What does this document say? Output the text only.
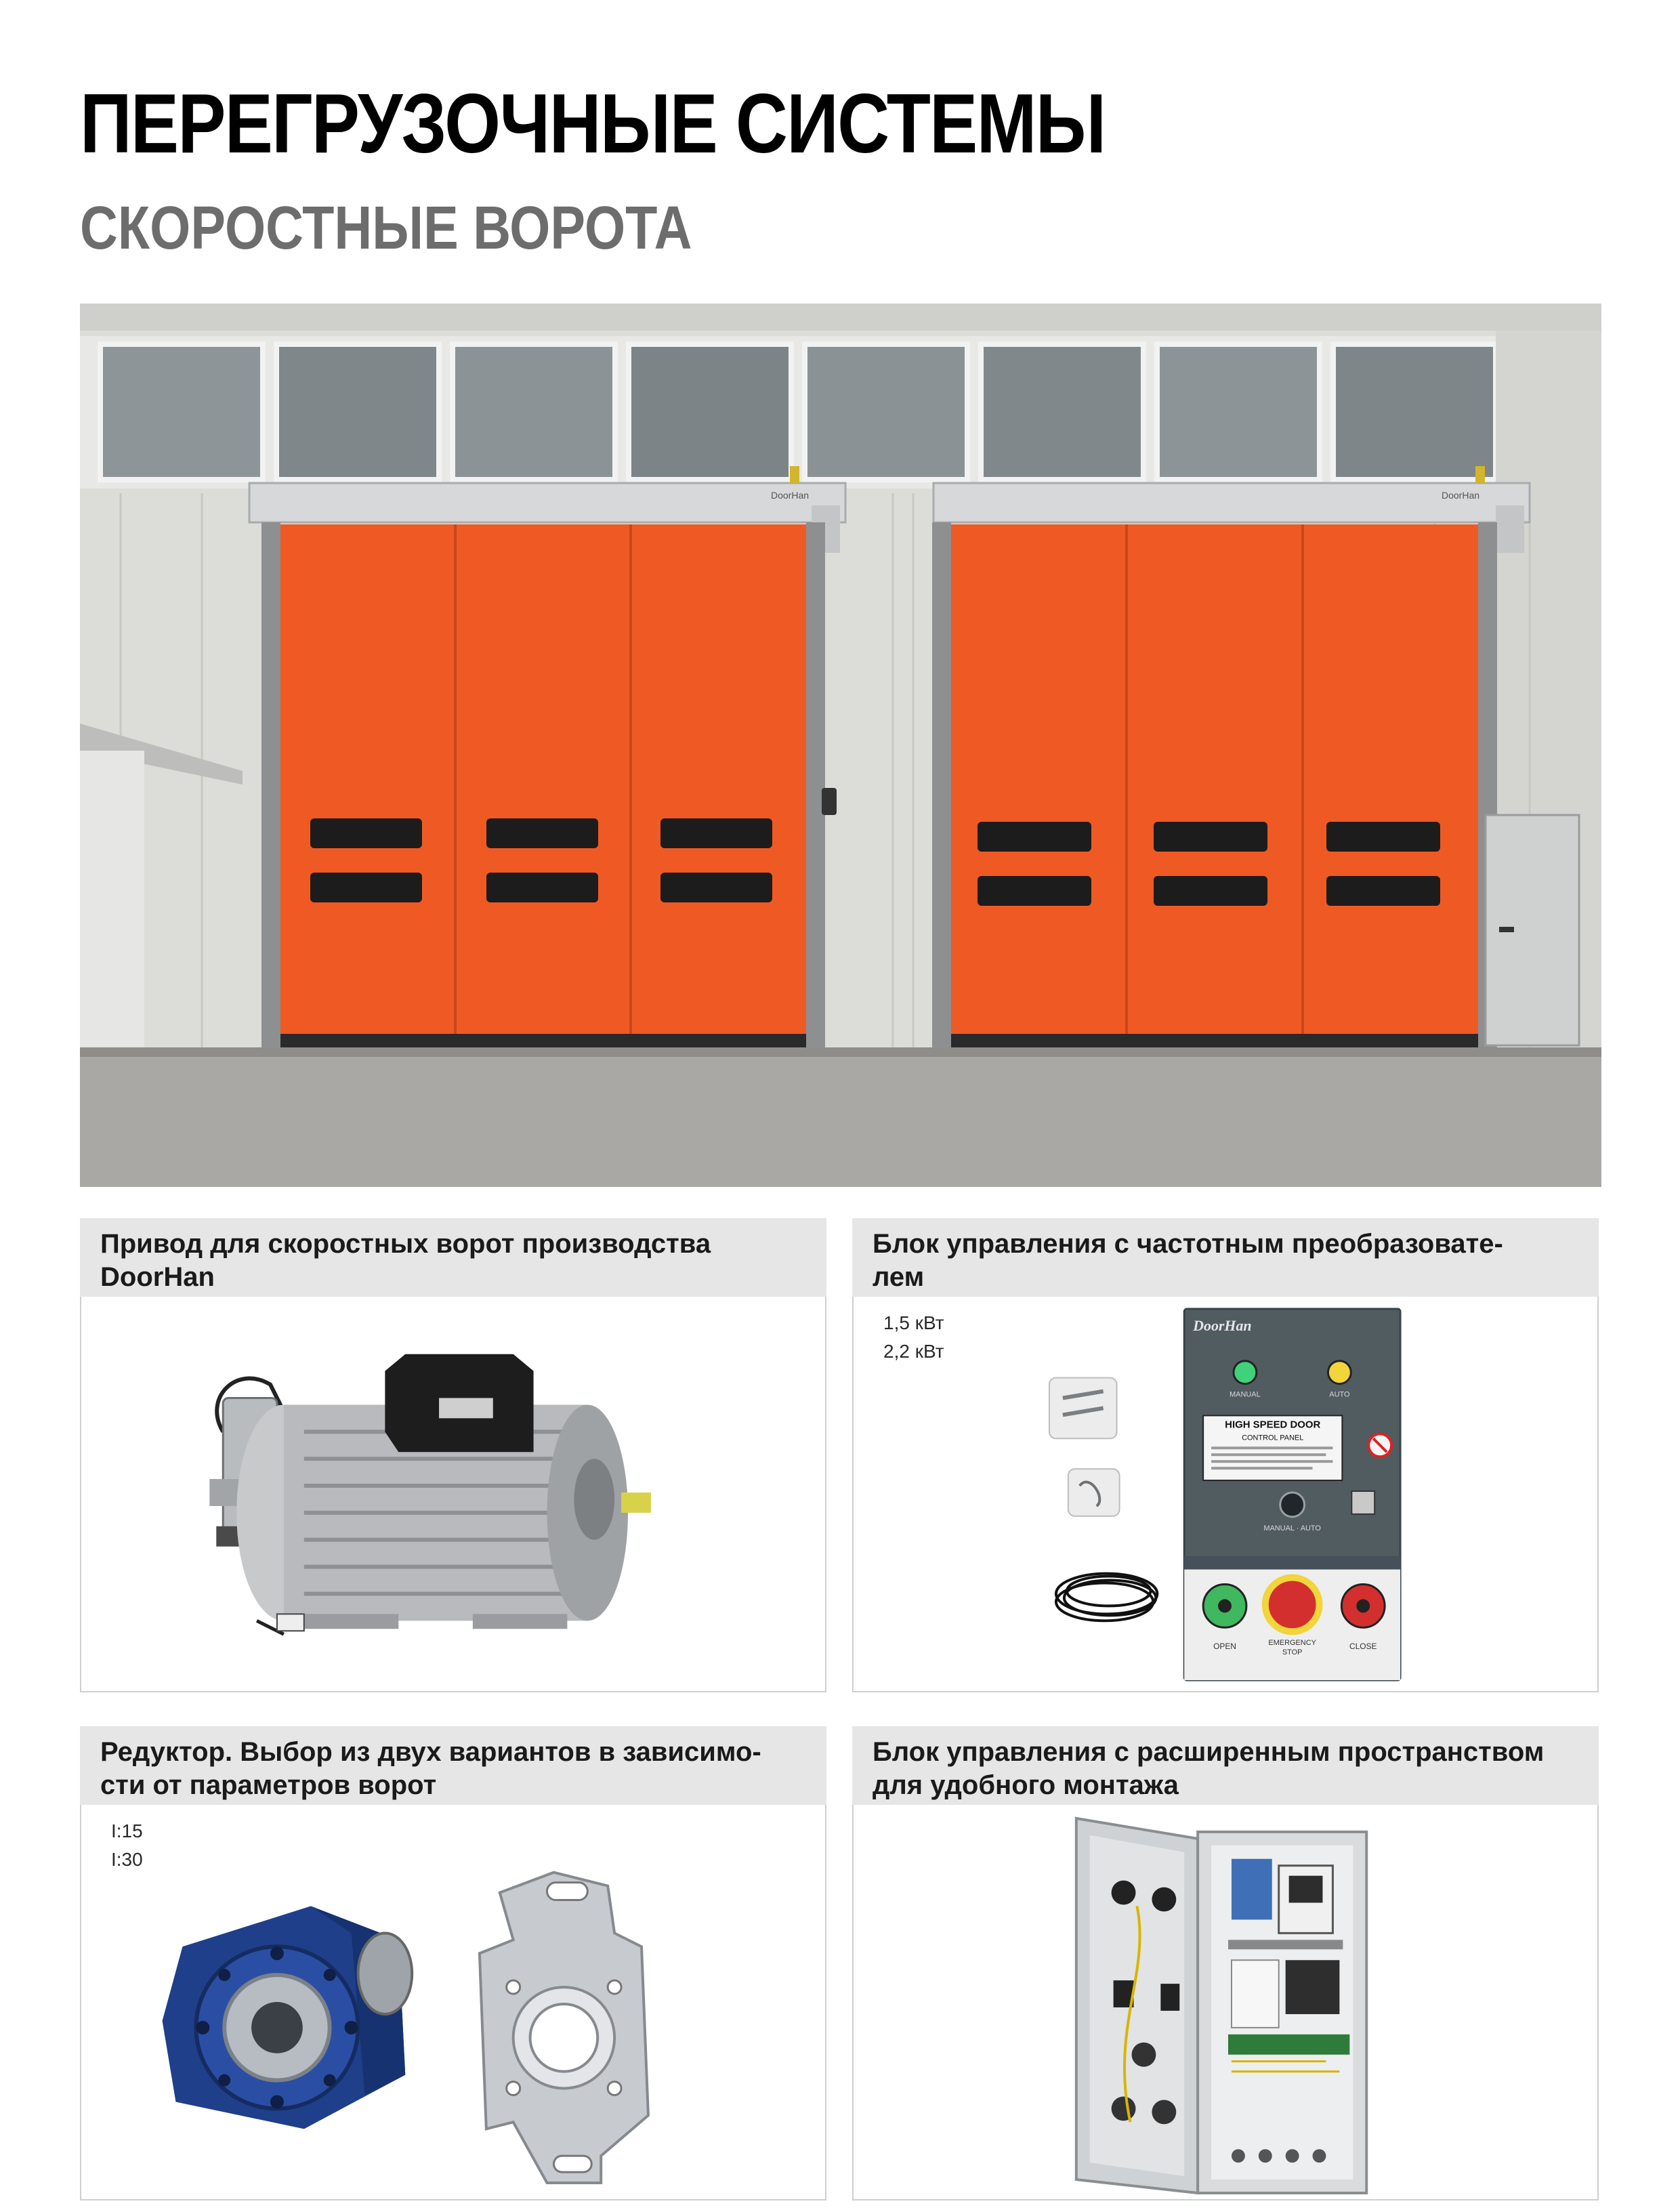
ПЕРЕГРУЗОЧНЫЕ СИСТЕМЫ
СКОРОСТНЫЕ ВОРОТА
DoorHan	DoorHan
Привод для скоростных ворот производства DoorHan
Блок управления с частотным преобразовате-
лем
1,5 кВт
2,2 кВт
DoorHan
MANUAL	AUTO
HIGH SPEED DOOR
CONTROL PANEL
MANUAL · AUTO
OPEN	EMERGENCY
STOP
CLOSE
Редуктор. Выбор из двух вариантов в зависимо-
сти от параметров ворот
I:15
I:30
Блок управления с расширенным пространством
для удобного монтажа
